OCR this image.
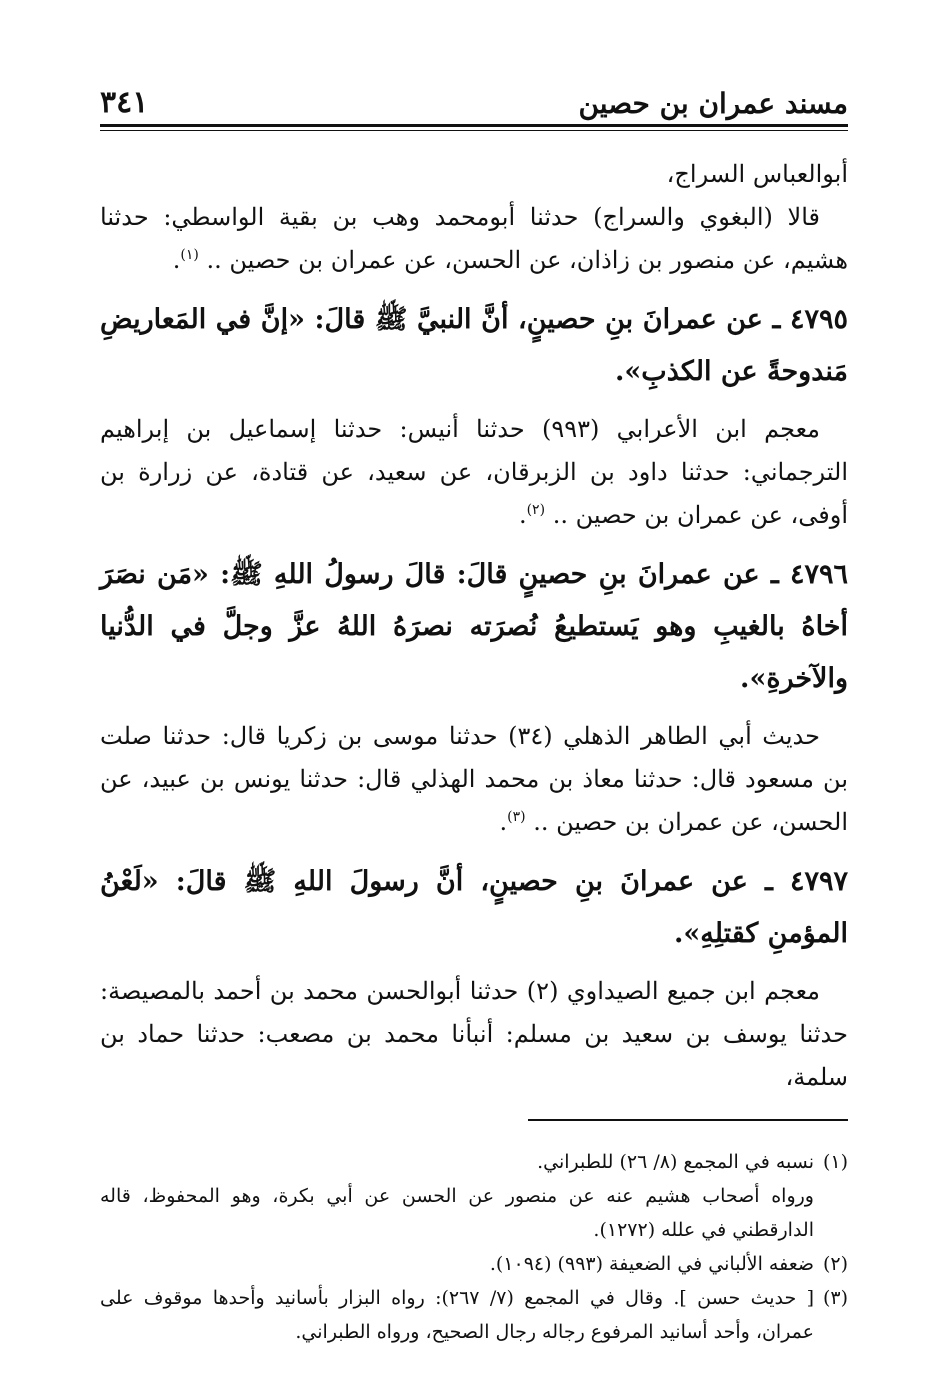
مسند عمران بن حصين
٣٤١

أبوالعباس السراج،

قالا (البغوي والسراج) حدثنا أبومحمد وهب بن بقية الواسطي: حدثنا هشيم، عن منصور بن زاذان، عن الحسن، عن عمران بن حصين .. $^{(١)}$.

٤٧٩٥ ـ عن عمرانَ بنِ حصينٍ، أنَّ النبيَّ ﷺ قالَ: «إنَّ في المَعاريضِ مَندوحةً عن الكذبِ».

معجم ابن الأعرابي (٩٩٣) حدثنا أنيس: حدثنا إسماعيل بن إبراهيم الترجماني: حدثنا داود بن الزبرقان، عن سعيد، عن قتادة، عن زرارة بن أوفى، عن عمران بن حصين .. $^{(٢)}$.

٤٧٩٦ ـ عن عمرانَ بنِ حصينٍ قالَ: قالَ رسولُ اللهِ ﷺ: «مَن نصَرَ أخاهُ بالغيبِ وهو يَستطيعُ نُصرَته نصرَهُ اللهُ عزَّ وجلَّ في الدُّنيا والآخرةِ».

حديث أبي الطاهر الذهلي (٣٤) حدثنا موسى بن زكريا قال: حدثنا صلت بن مسعود قال: حدثنا معاذ بن محمد الهذلي قال: حدثنا يونس بن عبيد، عن الحسن، عن عمران بن حصين .. $^{(٣)}$.

٤٧٩٧ ـ عن عمرانَ بنِ حصينٍ، أنَّ رسولَ اللهِ ﷺ قالَ: «لَعْنُ المؤمنِ كقتلِهِ».

معجم ابن جميع الصيداوي (٢) حدثنا أبوالحسن محمد بن أحمد بالمصيصة: حدثنا يوسف بن سعيد بن مسلم: أنبأنا محمد بن مصعب: حدثنا حماد بن سلمة،

(١)
نسبه في المجمع (٨/ ٢٦) للطبراني.
ورواه أصحاب هشيم عنه عن منصور عن الحسن عن أبي بكرة، وهو المحفوظ، قاله الدارقطني في علله (١٢٧٢).
(٢)
ضعفه الألباني في الضعيفة (٩٩٣) (١٠٩٤).
(٣)
[ حديث حسن ]. وقال في المجمع (٧/ ٢٦٧): رواه البزار بأسانيد وأحدها موقوف على عمران، وأحد أسانيد المرفوع رجاله رجال الصحيح، ورواه الطبراني.
